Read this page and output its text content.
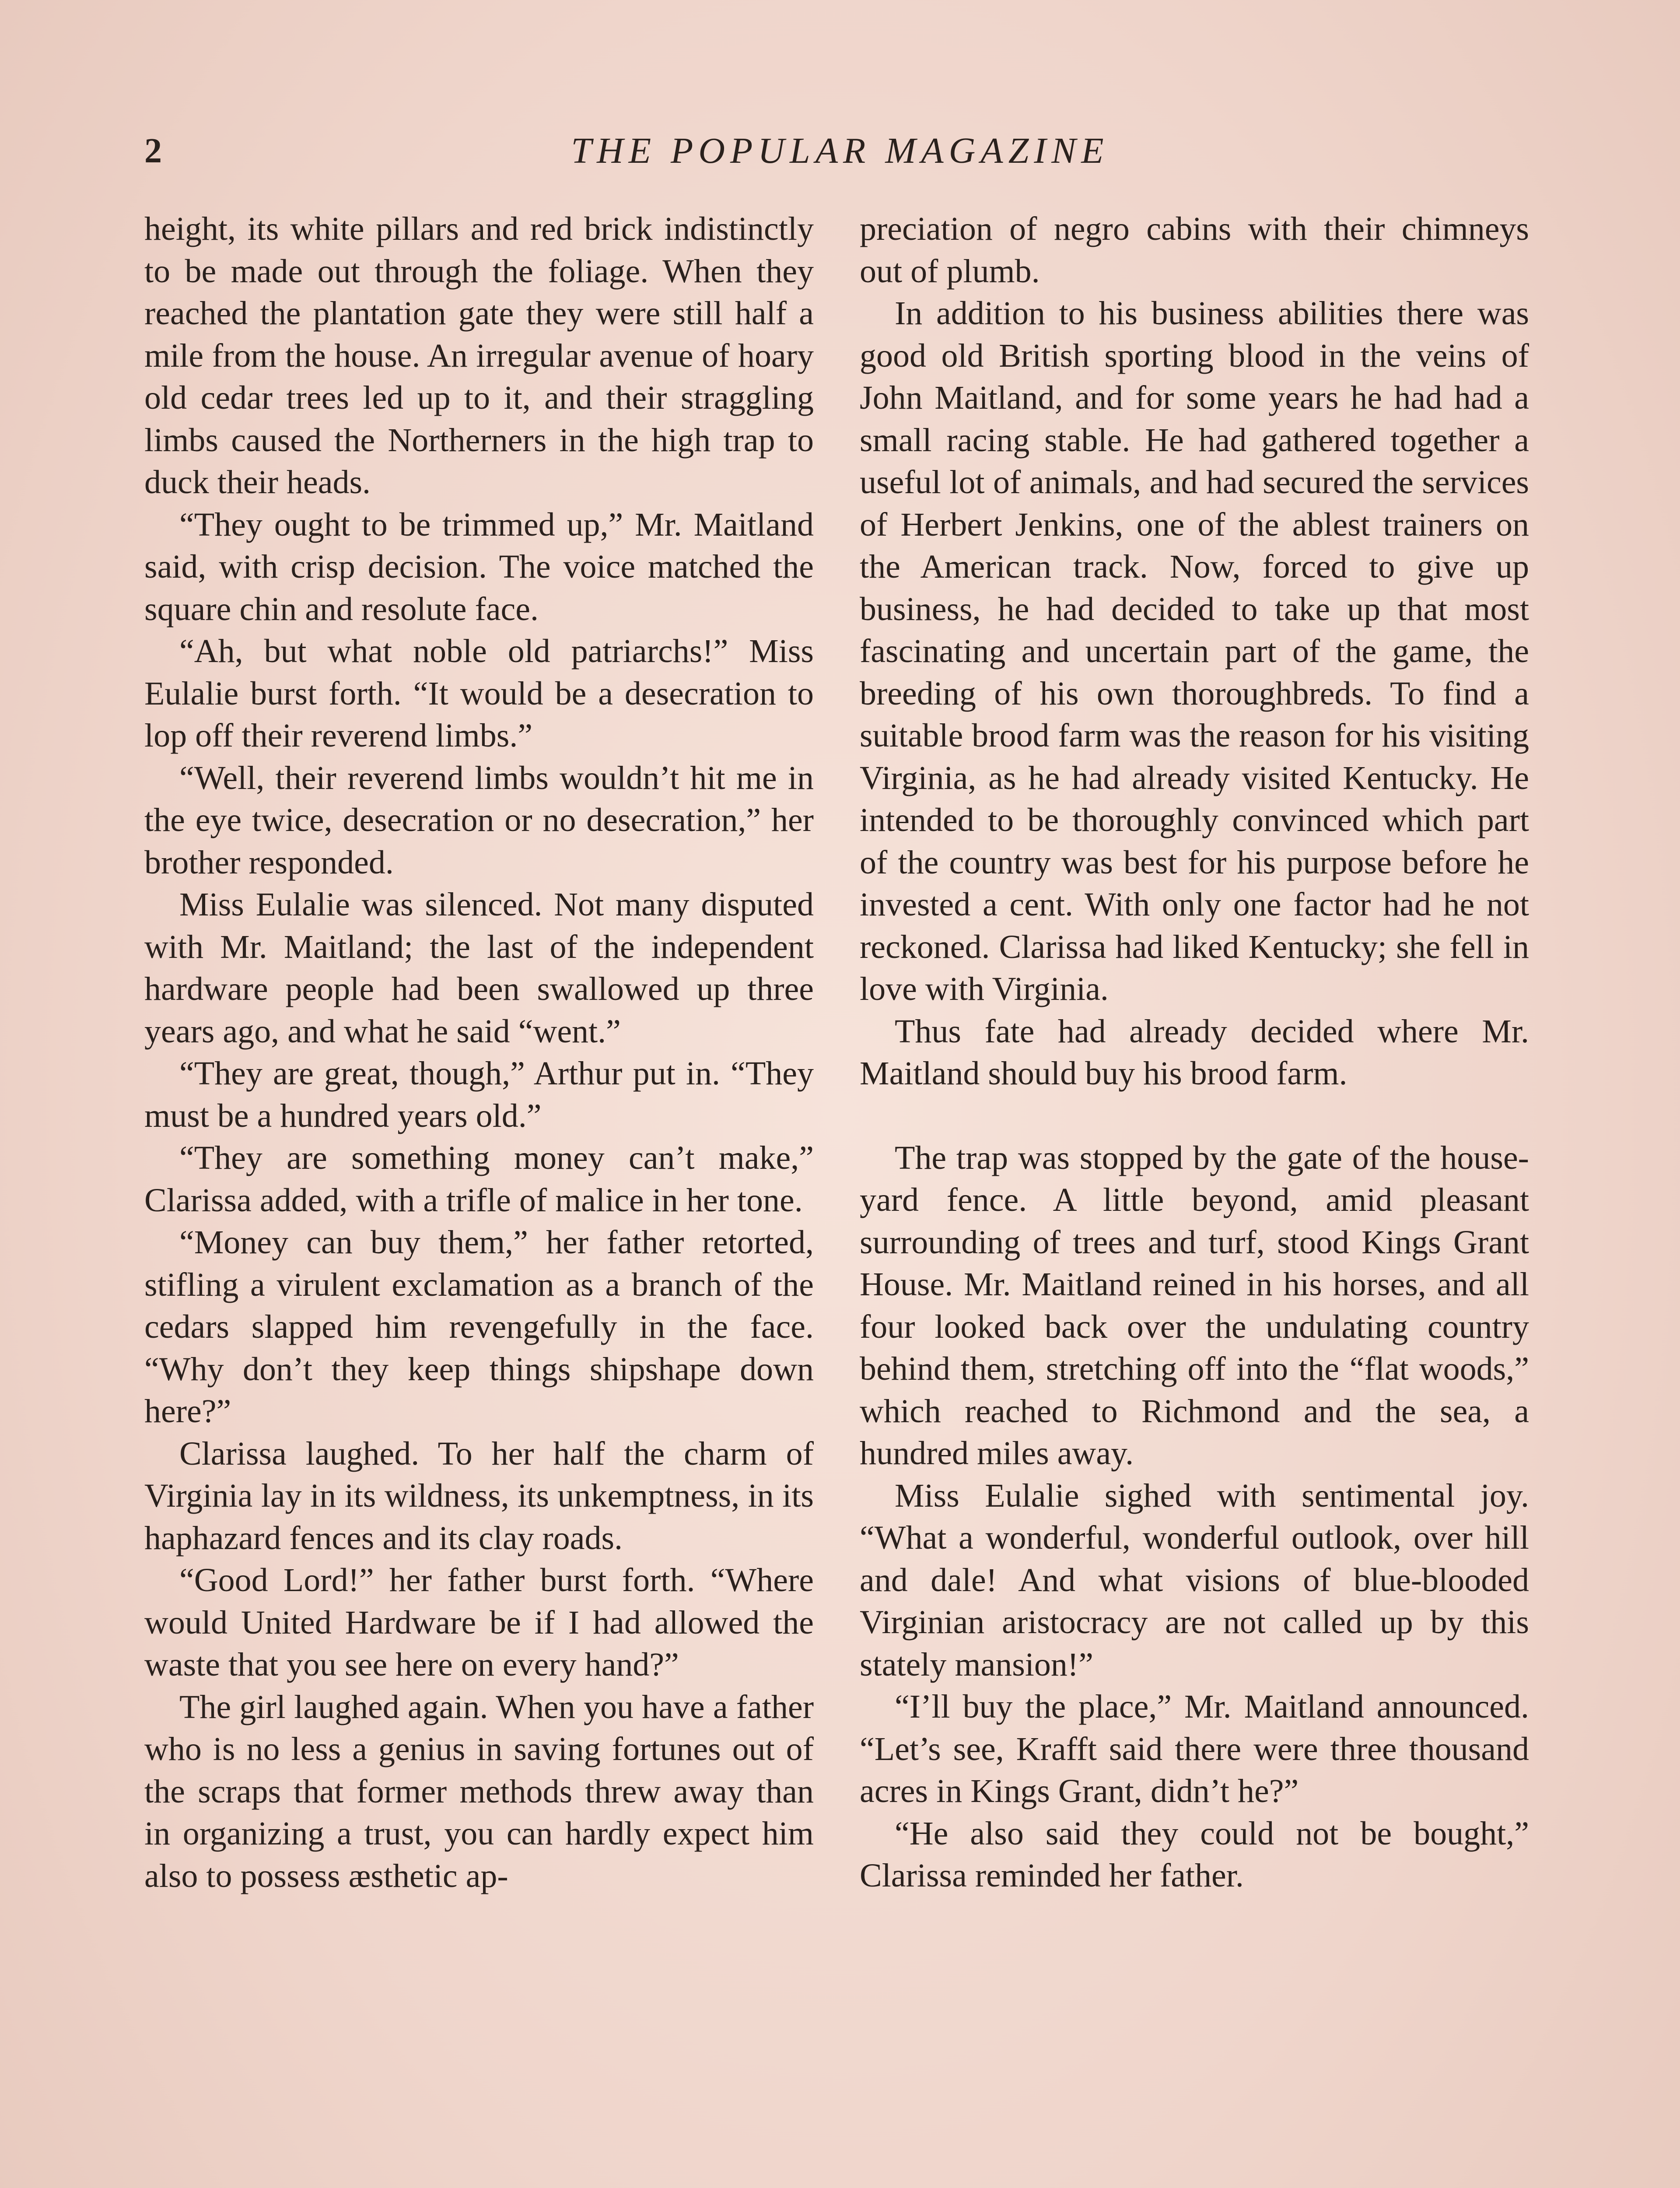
2	THE POPULAR MAGAZINE

height, its white pillars and red brick indistinctly to be made out through the foliage. When they reached the plantation gate they were still half a mile from the house. An irregular avenue of hoary old cedar trees led up to it, and their straggling limbs caused the Northerners in the high trap to duck their heads.

“They ought to be trimmed up,” Mr. Maitland said, with crisp decision. The voice matched the square chin and resolute face.

“Ah, but what noble old patriarchs!” Miss Eulalie burst forth. “It would be a desecration to lop off their reverend limbs.”

“Well, their reverend limbs wouldn’t hit me in the eye twice, desecration or no desecration,” her brother responded.

Miss Eulalie was silenced. Not many disputed with Mr. Maitland; the last of the independent hardware people had been swallowed up three years ago, and what he said “went.”

“They are great, though,” Arthur put in. “They must be a hundred years old.”

“They are something money can’t make,” Clarissa added, with a trifle of malice in her tone.

“Money can buy them,” her father retorted, stifling a virulent exclamation as a branch of the cedars slapped him revengefully in the face. “Why don’t they keep things shipshape down here?”

Clarissa laughed. To her half the charm of Virginia lay in its wildness, its unkemptness, in its haphazard fences and its clay roads.

“Good Lord!” her father burst forth. “Where would United Hardware be if I had allowed the waste that you see here on every hand?”

The girl laughed again. When you have a father who is no less a genius in saving fortunes out of the scraps that former methods threw away than in organizing a trust, you can hardly expect him also to possess æsthetic ap-

preciation of negro cabins with their chimneys out of plumb.

In addition to his business abilities there was good old British sporting blood in the veins of John Maitland, and for some years he had had a small racing stable. He had gathered together a useful lot of animals, and had secured the services of Herbert Jenkins, one of the ablest trainers on the American track. Now, forced to give up business, he had decided to take up that most fascinating and uncertain part of the game, the breeding of his own thoroughbreds. To find a suitable brood farm was the reason for his visiting Virginia, as he had already visited Kentucky. He intended to be thoroughly convinced which part of the country was best for his purpose before he invested a cent. With only one factor had he not reckoned. Clarissa had liked Kentucky; she fell in love with Virginia.

Thus fate had already decided where Mr. Maitland should buy his brood farm.

The trap was stopped by the gate of the house-yard fence. A little beyond, amid pleasant surrounding of trees and turf, stood Kings Grant House. Mr. Maitland reined in his horses, and all four looked back over the undulating country behind them, stretching off into the “flat woods,” which reached to Richmond and the sea, a hundred miles away.

Miss Eulalie sighed with sentimental joy. “What a wonderful, wonderful outlook, over hill and dale! And what visions of blue-blooded Virginian aristocracy are not called up by this stately mansion!”

“I’ll buy the place,” Mr. Maitland announced. “Let’s see, Krafft said there were three thousand acres in Kings Grant, didn’t he?”

“He also said they could not be bought,” Clarissa reminded her father.
